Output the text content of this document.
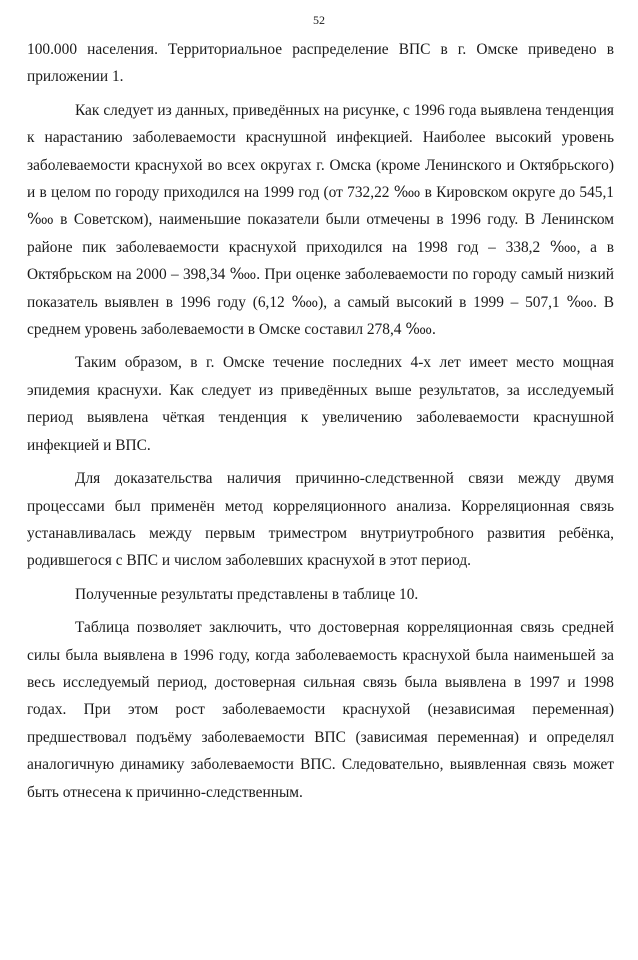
52

100.000 населения. Территориальное распределение ВПС в г. Омске приведено в приложении 1.

Как следует из данных, приведённых на рисунке, с 1996 года выявлена тенденция к нарастанию заболеваемости краснушной инфекцией. Наиболее высокий уровень заболеваемости краснухой во всех округах г. Омска (кроме Ленинского и Октябрьского) и в целом по городу приходился на 1999 год (от 732,22 ‱ в Кировском округе до 545,1 ‱ в Советском), наименьшие показатели были отмечены в 1996 году. В Ленинском районе пик заболеваемости краснухой приходился на 1998 год – 338,2 ‱, а в Октябрьском на 2000 – 398,34 ‱. При оценке заболеваемости по городу самый низкий показатель выявлен в 1996 году (6,12 ‱), а самый высокий в 1999 – 507,1 ‱. В среднем уровень заболеваемости в Омске составил 278,4 ‱.

Таким образом, в г. Омске течение последних 4-х лет имеет место мощная эпидемия краснухи. Как следует из приведённых выше результатов, за исследуемый период выявлена чёткая тенденция к увеличению заболеваемости краснушной инфекцией и ВПС.

Для доказательства наличия причинно-следственной связи между двумя процессами был применён метод корреляционного анализа. Корреляционная связь устанавливалась между первым триместром внутриутробного развития ребёнка, родившегося с ВПС и числом заболевших краснухой в этот период.

Полученные результаты представлены в таблице 10.

Таблица позволяет заключить, что достоверная корреляционная связь средней силы была выявлена в 1996 году, когда заболеваемость краснухой была наименьшей за весь исследуемый период, достоверная сильная связь была выявлена в 1997 и 1998 годах. При этом рост заболеваемости краснухой (независимая переменная) предшествовал подъёму заболеваемости ВПС (зависимая переменная) и определял аналогичную динамику заболеваемости ВПС. Следовательно, выявленная связь может быть отнесена к причинно-следственным.
